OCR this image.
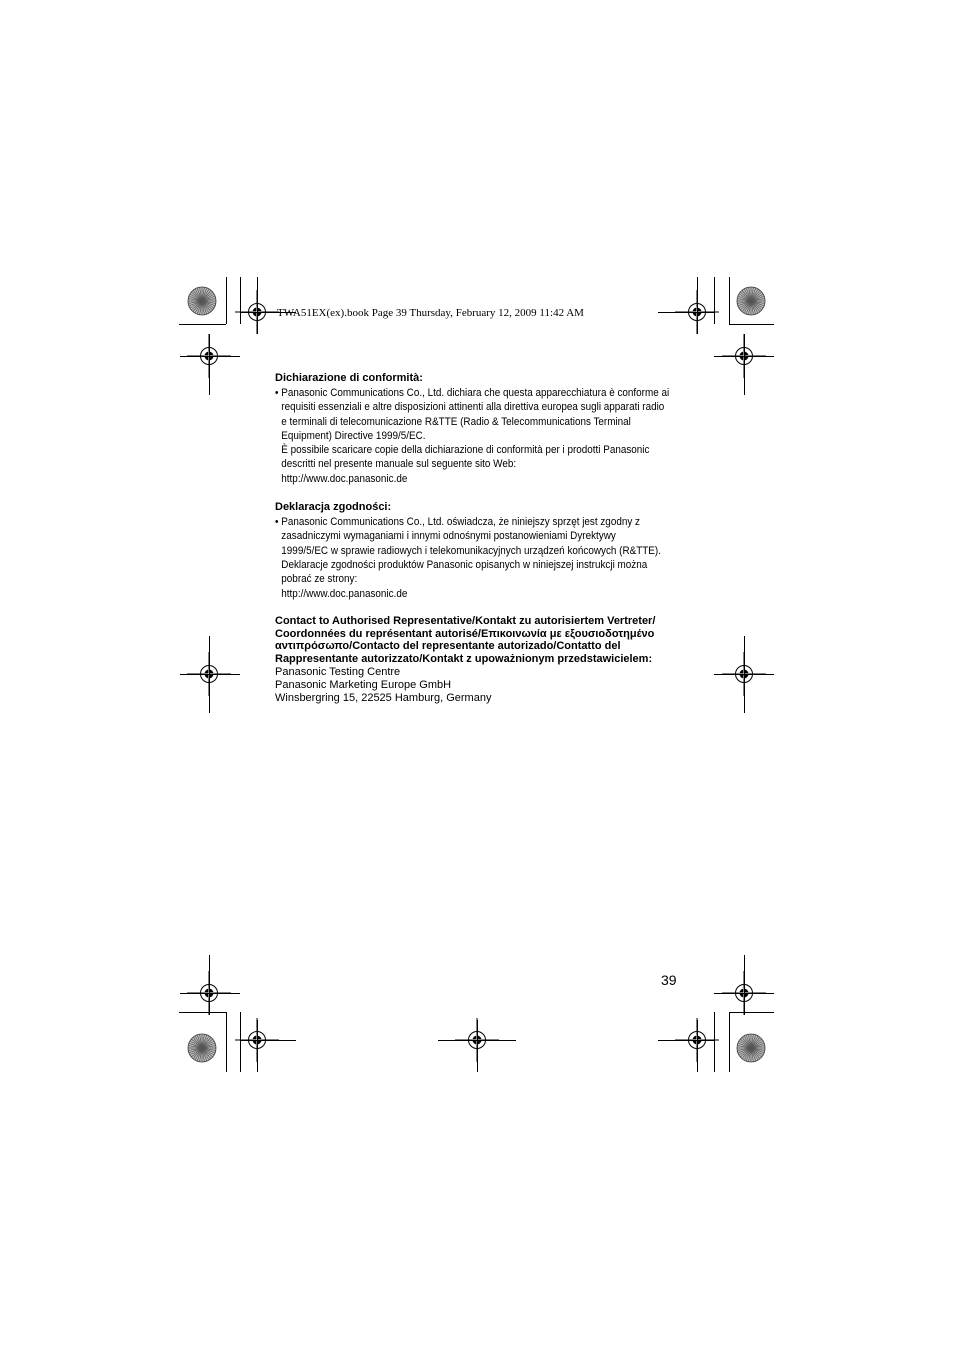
TWA51EX(ex).book Page 39 Thursday, February 12, 2009 11:42 AM
Dichiarazione di conformità:
• Panasonic Communications Co., Ltd. dichiara che questa apparecchiatura è conforme ai
requisiti essenziali e altre disposizioni attinenti alla direttiva europea sugli apparati radio
e terminali di telecomunicazione R&TTE (Radio & Telecommunications Terminal
Equipment) Directive 1999/5/EC.
È possibile scaricare copie della dichiarazione di conformità per i prodotti Panasonic
descritti nel presente manuale sul seguente sito Web:
http://www.doc.panasonic.de
Deklaracja zgodności:
• Panasonic Communications Co., Ltd. oświadcza, że niniejszy sprzęt jest zgodny z
zasadniczymi wymaganiami i innymi odnośnymi postanowieniami Dyrektywy
1999/5/EC w sprawie radiowych i telekomunikacyjnych urządzeń końcowych (R&TTE).
Deklaracje zgodności produktów Panasonic opisanych w niniejszej instrukcji można
pobrać ze strony:
http://www.doc.panasonic.de
Contact to Authorised Representative/Kontakt zu autorisiertem Vertreter/
Coordonnées du représentant autorisé/Επικοινωνία με εξουσιοδοτημένο
αντιπρόσωπο/Contacto del representante autorizado/Contatto del
Rappresentante autorizzato/Kontakt z upoważnionym przedstawicielem:
Panasonic Testing Centre
Panasonic Marketing Europe GmbH
Winsbergring 15, 22525 Hamburg, Germany
39
